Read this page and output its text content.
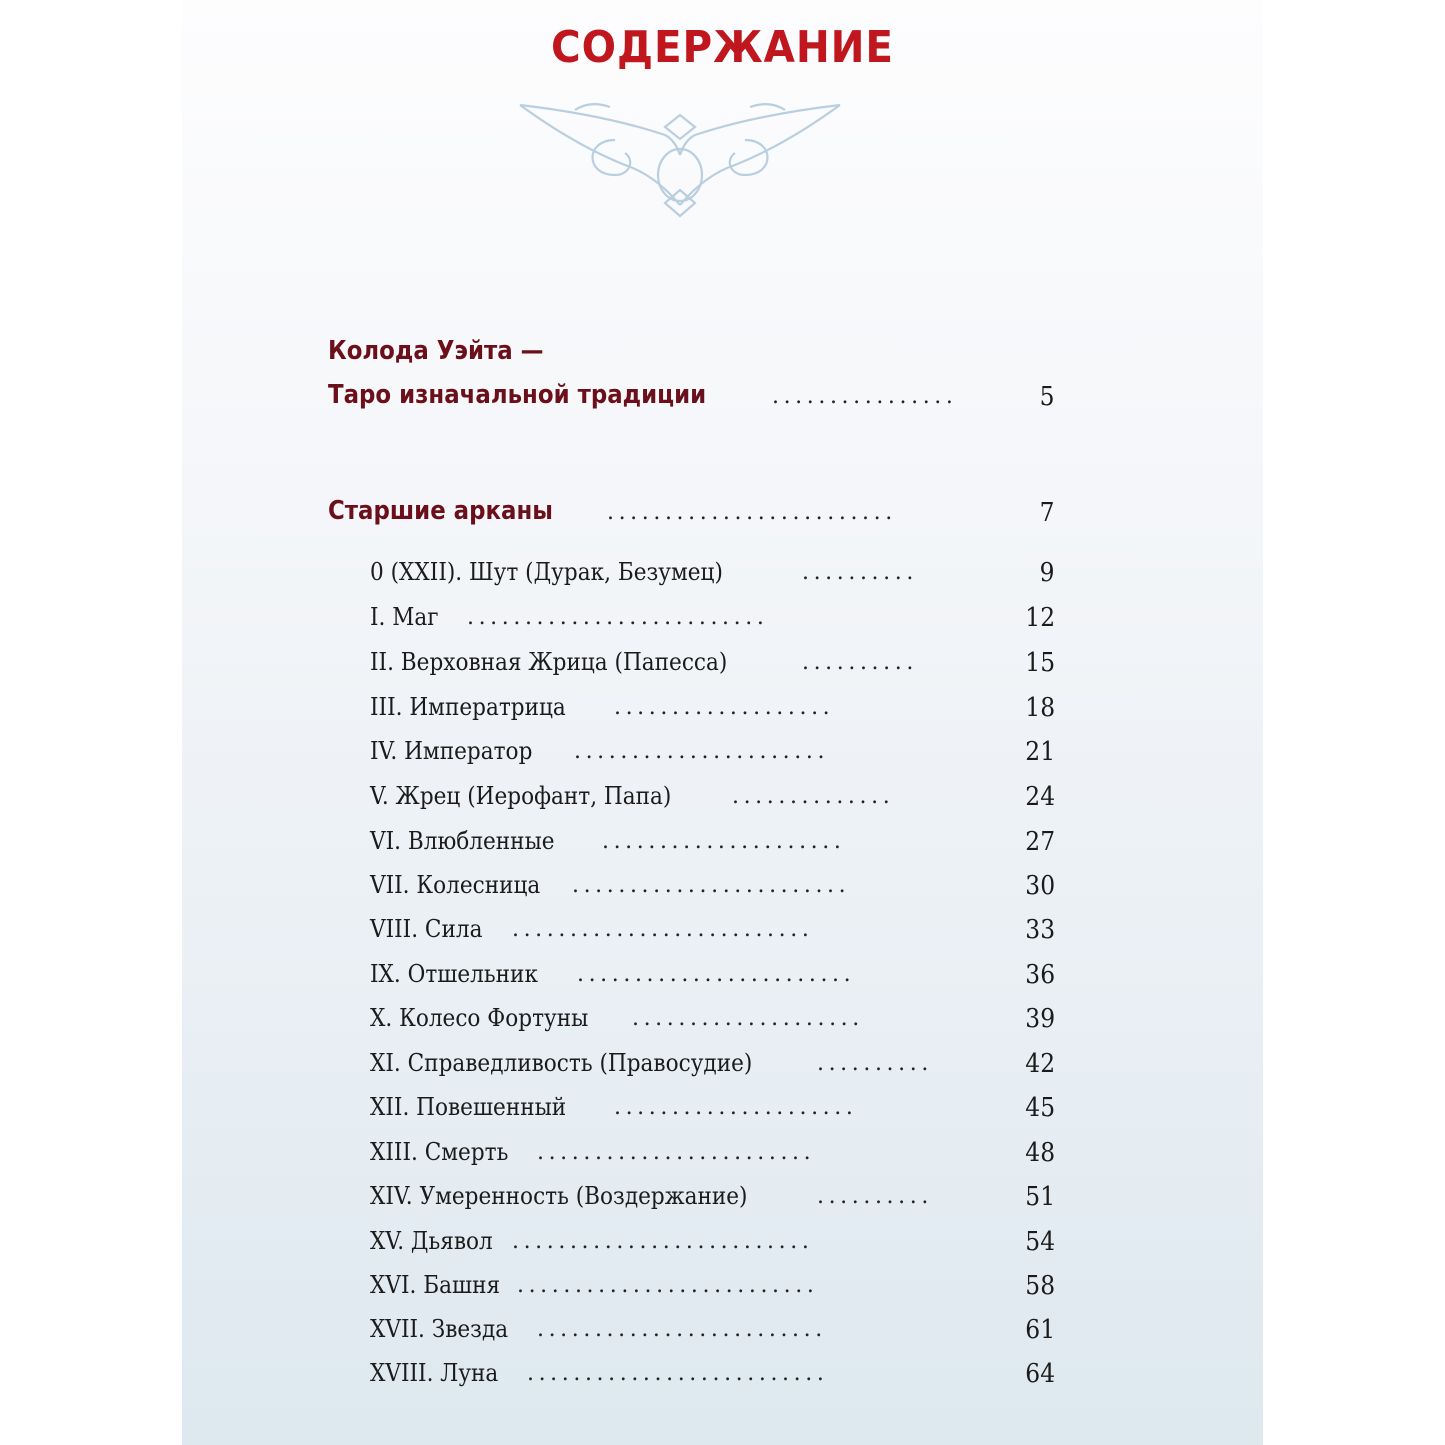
СОДЕРЖАНИЕ
Колода Уэйта —
Таро изначальной традиции	................	5
Старшие арканы .........................	7
0 (XXII). Шут (Дурак, Безумец)	..........	9
I. Маг ..........................	12
II. Верховная Жрица (Папесса)	..........	15
III. Императрица ...................	18
IV. Император ......................	21
V. Жрец (Иерофант, Папа)	..............	24
VI. Влюбленные .....................	27
VII. Колесница ........................	30
VIII. Сила ..........................	33
IX. Отшельник ........................	36
X. Колесо Фортуны ....................	39
XI. Справедливость (Правосудие)	..........	42
XII. Повешенный .....................	45
XIII. Смерть ........................	48
XIV. Умеренность (Воздержание)	..........	51
XV. Дьявол ..........................	54
XVI. Башня ..........................	58
XVII. Звезда .........................	61
XVIII. Луна ..........................	64
